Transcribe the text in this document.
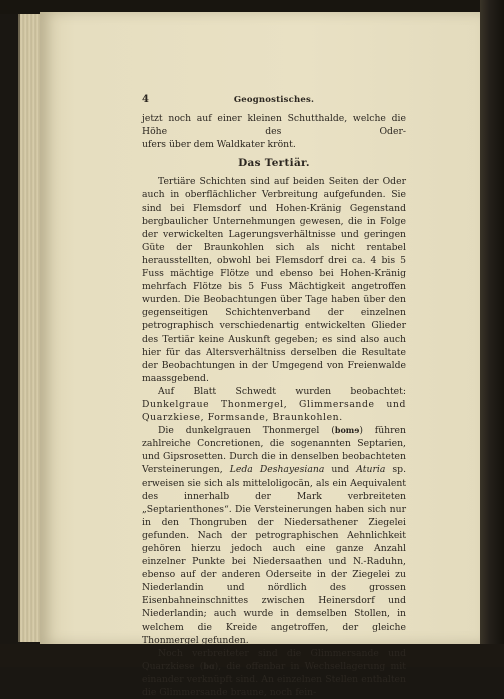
4	Geognostisches.

jetzt noch auf einer kleinen Schutthalde, welche die Höhe des Oder-

ufers über dem Waldkater krönt.

Das Tertiär.

Tertiäre Schichten sind auf beiden Seiten der Oder auch in oberflächlicher Verbreitung aufgefunden. Sie sind bei Flemsdorf und Hohen-Kränig Gegenstand bergbaulicher Unternehmungen gewesen, die in Folge der verwickelten Lagerungsverhältnisse und geringen Güte der Braunkohlen sich als nicht rentabel herausstellten, obwohl bei Flemsdorf drei ca. 4 bis 5 Fuss mächtige Flötze und ebenso bei Hohen-Kränig mehrfach Flötze bis 5 Fuss Mächtigkeit angetroffen wurden. Die Beobachtungen über Tage haben über den gegenseitigen Schichtenverband der einzelnen petrographisch verschiedenartig entwickelten Glieder des Tertiär keine Auskunft gegeben; es sind also auch hier für das Altersverhältniss derselben die Resultate der Beobachtungen in der Umgegend von Freienwalde maassgebend.

Auf Blatt Schwedt wurden beobachtet: Dunkelgraue Thonmergel, Glimmersande und Quarzkiese, Formsande, Braunkohlen.

Die dunkelgrauen Thonmergel (bomɘ) führen zahlreiche Concretionen, die sogenannten Septarien, und Gipsrosetten. Durch die in denselben beobachteten Versteinerungen, Leda Deshayesiana und Aturia sp. erweisen sie sich als mitteloligocän, als ein Aequivalent des innerhalb der Mark verbreiteten „Septarienthones“. Die Versteinerungen haben sich nur in den Thongruben der Niedersathener Ziegelei gefunden. Nach der petrographischen Aehnlichkeit gehören hierzu jedoch auch eine ganze Anzahl einzelner Punkte bei Niedersaathen und N.-Raduhn, ebenso auf der anderen Oderseite in der Ziegelei zu Niederlandin und nördlich des grossen Eisenbahneinschnittes zwischen Heinersdorf und Niederlandin; auch wurde in demselben Stollen, in welchem die Kreide angetroffen, der gleiche Thonmergel gefunden.

Noch verbreiteter sind die Glimmersande und Quarzkiese (bɑ), die offenbar in Wechsellagerung mit einander verknüpft sind. An einzelnen Stellen enthalten die Glimmersande braune, noch fein-
